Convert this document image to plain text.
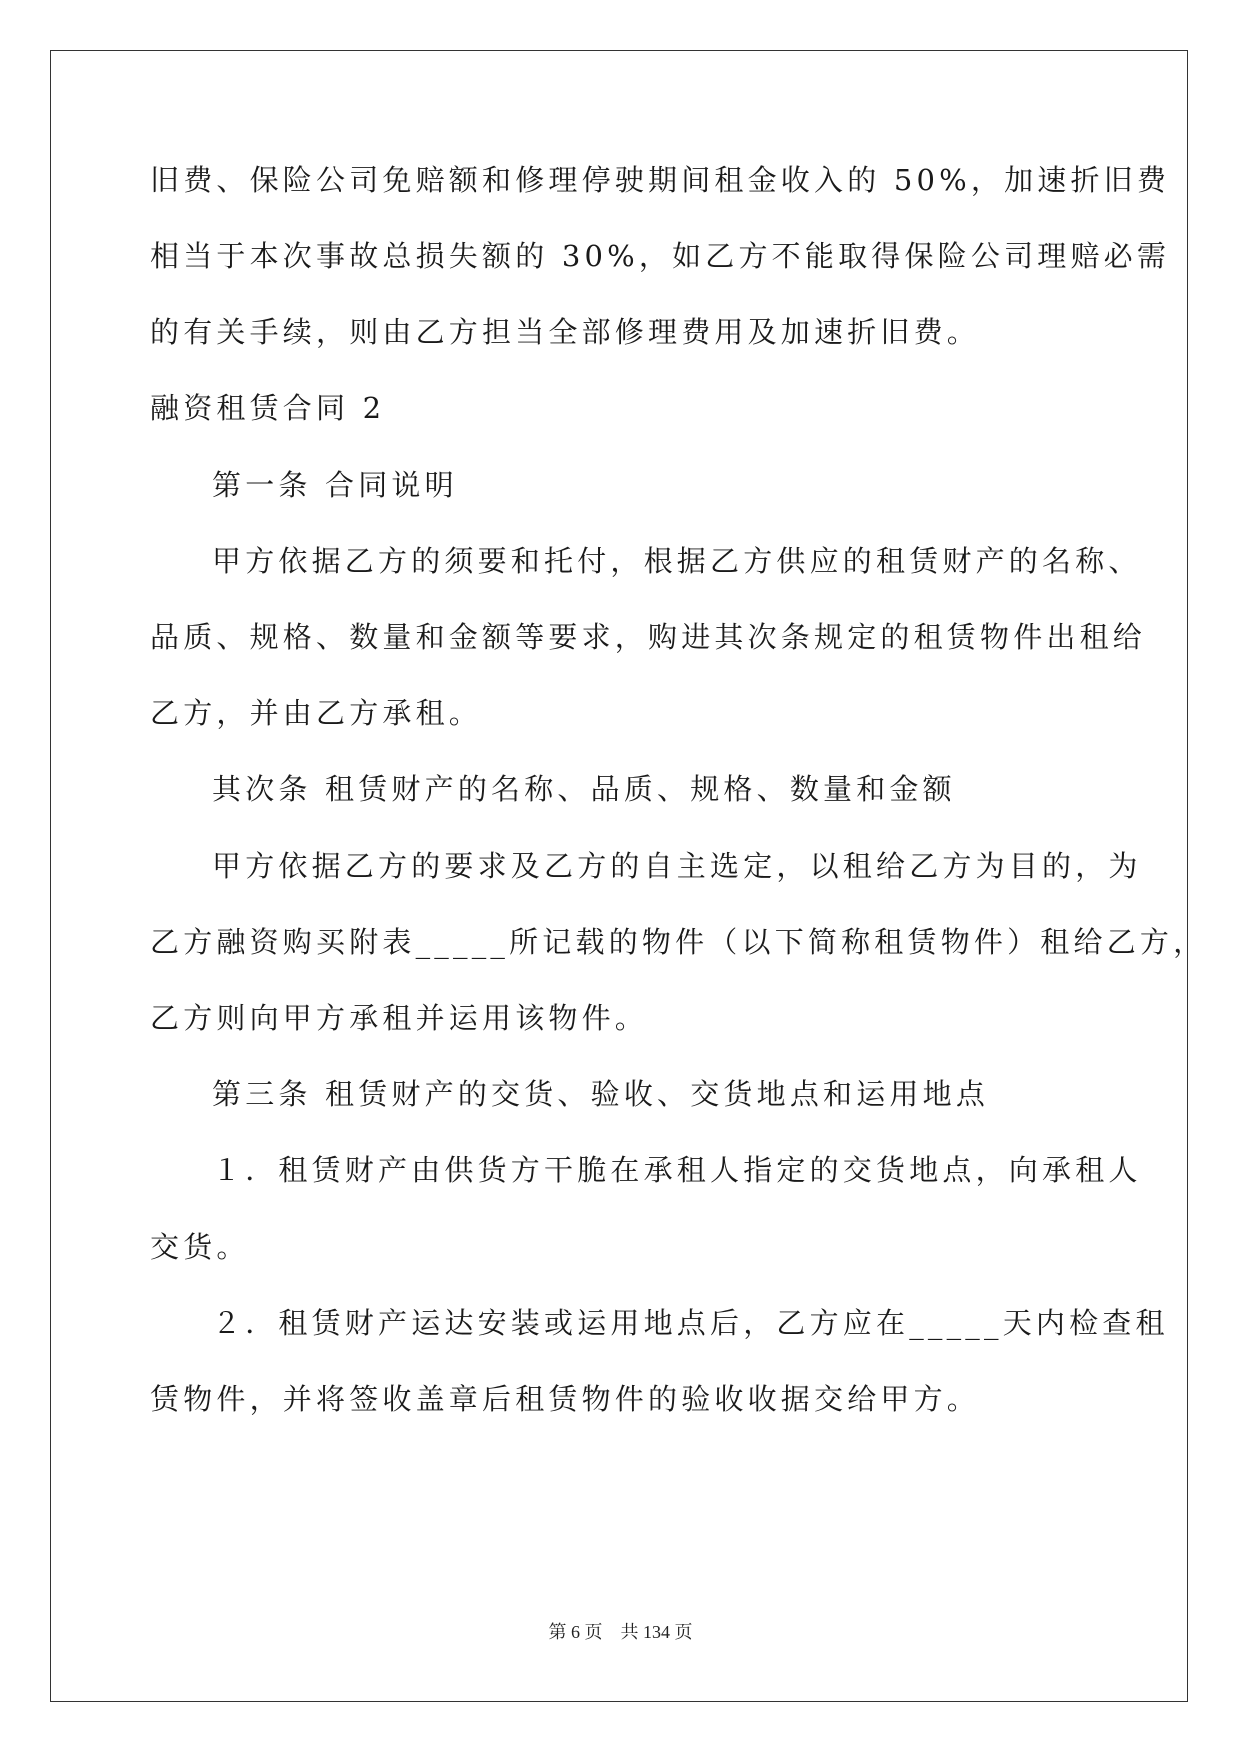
旧费、保险公司免赔额和修理停驶期间租金收入的 50%，加速折旧费
相当于本次事故总损失额的 30%，如乙方不能取得保险公司理赔必需
的有关手续，则由乙方担当全部修理费用及加速折旧费。
融资租赁合同 2
第一条 合同说明
甲方依据乙方的须要和托付，根据乙方供应的租赁财产的名称、
品质、规格、数量和金额等要求，购进其次条规定的租赁物件出租给
乙方，并由乙方承租。
其次条 租赁财产的名称、品质、规格、数量和金额
甲方依据乙方的要求及乙方的自主选定，以租给乙方为目的，为
乙方融资购买附表_____所记载的物件（以下简称租赁物件）租给乙方，
乙方则向甲方承租并运用该物件。
第三条 租赁财产的交货、验收、交货地点和运用地点
１．租赁财产由供货方干脆在承租人指定的交货地点，向承租人
交货。
２．租赁财产运达安装或运用地点后，乙方应在_____天内检查租
赁物件，并将签收盖章后租赁物件的验收收据交给甲方。
第 6 页 共 134 页
